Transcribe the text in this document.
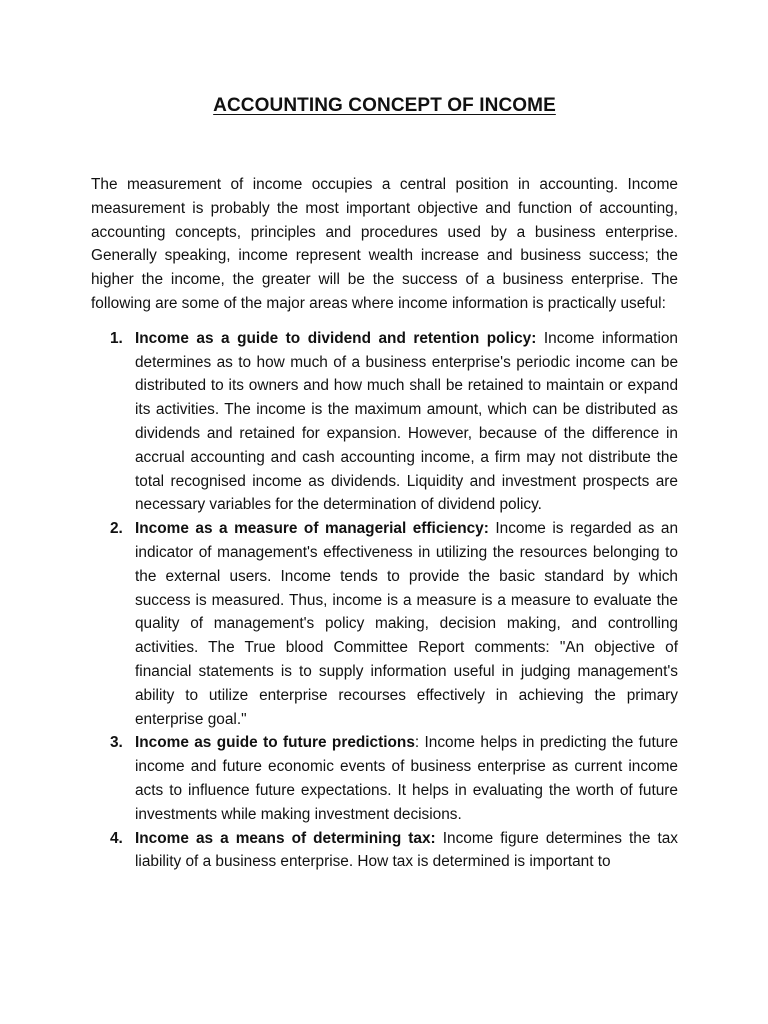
ACCOUNTING CONCEPT OF INCOME

The measurement of income occupies a central position in accounting. Income measurement is probably the most important objective and function of accounting, accounting concepts, principles and procedures used by a business enterprise. Generally speaking, income represent wealth increase and business success; the higher the income, the greater will be the success of a business enterprise. The following are some of the major areas where income information is practically useful:

1. Income as a guide to dividend and retention policy: Income information determines as to how much of a business enterprise's periodic income can be distributed to its owners and how much shall be retained to maintain or expand its activities. The income is the maximum amount, which can be distributed as dividends and retained for expansion. However, because of the difference in accrual accounting and cash accounting income, a firm may not distribute the total recognised income as dividends. Liquidity and investment prospects are necessary variables for the determination of dividend policy.
2. Income as a measure of managerial efficiency: Income is regarded as an indicator of management's effectiveness in utilizing the resources belonging to the external users. Income tends to provide the basic standard by which success is measured. Thus, income is a measure is a measure to evaluate the quality of management's policy making, decision making, and controlling activities. The True blood Committee Report comments: "An objective of financial statements is to supply information useful in judging management's ability to utilize enterprise recourses effectively in achieving the primary enterprise goal."
3. Income as guide to future predictions: Income helps in predicting the future income and future economic events of business enterprise as current income acts to influence future expectations. It helps in evaluating the worth of future investments while making investment decisions.
4. Income as a means of determining tax: Income figure determines the tax liability of a business enterprise. How tax is determined is important to
